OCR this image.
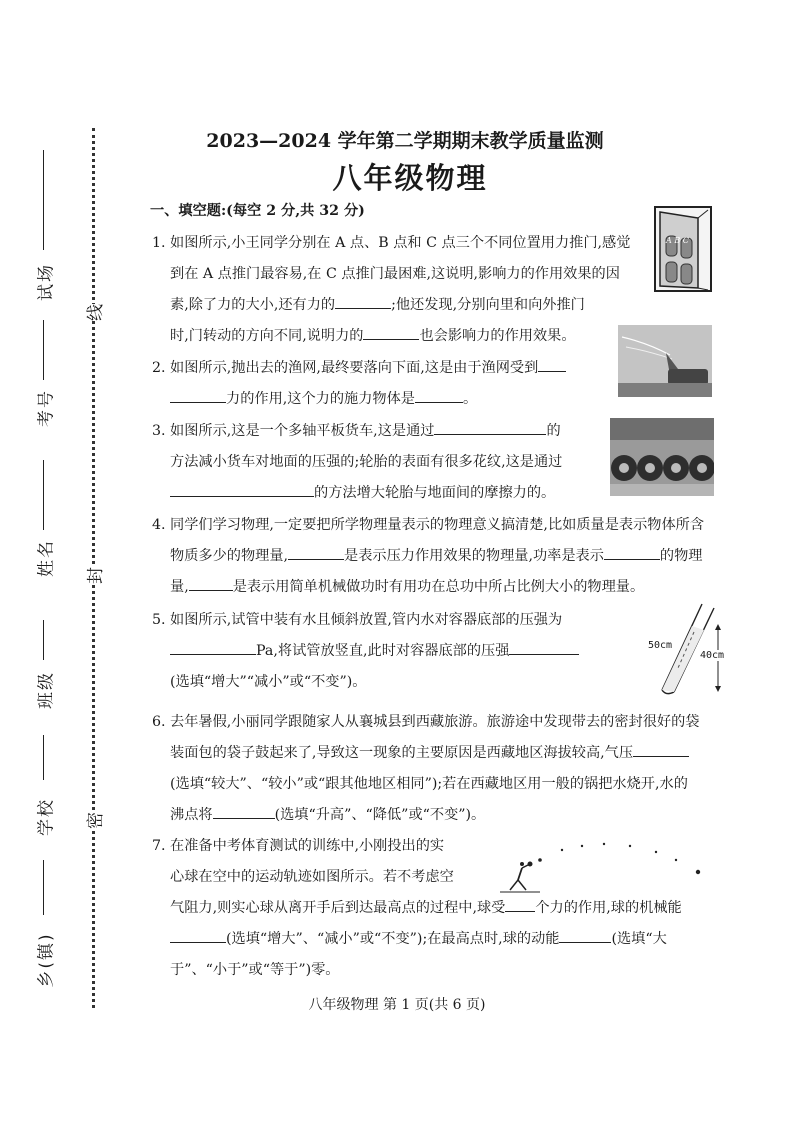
试场
考号
姓名
班级
学校
乡(镇)
线
封
密
2023—2024 学年第二学期期末教学质量监测
八年级物理
一、填空题:(每空 2 分,共 32 分)
1. 如图所示,小王同学分别在 A 点、B 点和 C 点三个不同位置用力推门,感觉
到在 A 点推门最容易,在 C 点推门最困难,这说明,影响力的作用效果的因
素,除了力的大小,还有力的	;他还发现,分别向里和向外推门
时,门转动的方向不同,说明力的	也会影响力的作用效果。
A B C
2. 如图所示,抛出去的渔网,最终要落向下面,这是由于渔网受到
力的作用,这个力的施力物体是	。
3. 如图所示,这是一个多轴平板货车,这是通过	的
方法减小货车对地面的压强的;轮胎的表面有很多花纹,这是通过
的方法增大轮胎与地面间的摩擦力的。
4. 同学们学习物理,一定要把所学物理量表示的物理意义搞清楚,比如质量是表示物体所含
物质多少的物理量,	是表示压力作用效果的物理量,功率是表示	的物理
量,	是表示用简单机械做功时有用功在总功中所占比例大小的物理量。
5. 如图所示,试管中装有水且倾斜放置,管内水对容器底部的压强为
Pa,将试管放竖直,此时对容器底部的压强
(选填“增大”“减小”或“不变”)。
50cm
40cm
6. 去年暑假,小丽同学跟随家人从襄城县到西藏旅游。旅游途中发现带去的密封很好的袋
装面包的袋子鼓起来了,导致这一现象的主要原因是西藏地区海拔较高,气压
(选填“较大”、“较小”或“跟其他地区相同”);若在西藏地区用一般的锅把水烧开,水的
沸点将	(选填“升高”、“降低”或“不变”)。
7. 在准备中考体育测试的训练中,小刚投出的实
心球在空中的运动轨迹如图所示。若不考虑空
气阻力,则实心球从离开手后到达最高点的过程中,球受 个力的作用,球的机械能
(选填“增大”、“减小”或“不变”);在最高点时,球的动能	(选填“大
于”、“小于”或“等于”)零。
八年级物理 第 1 页(共 6 页)
